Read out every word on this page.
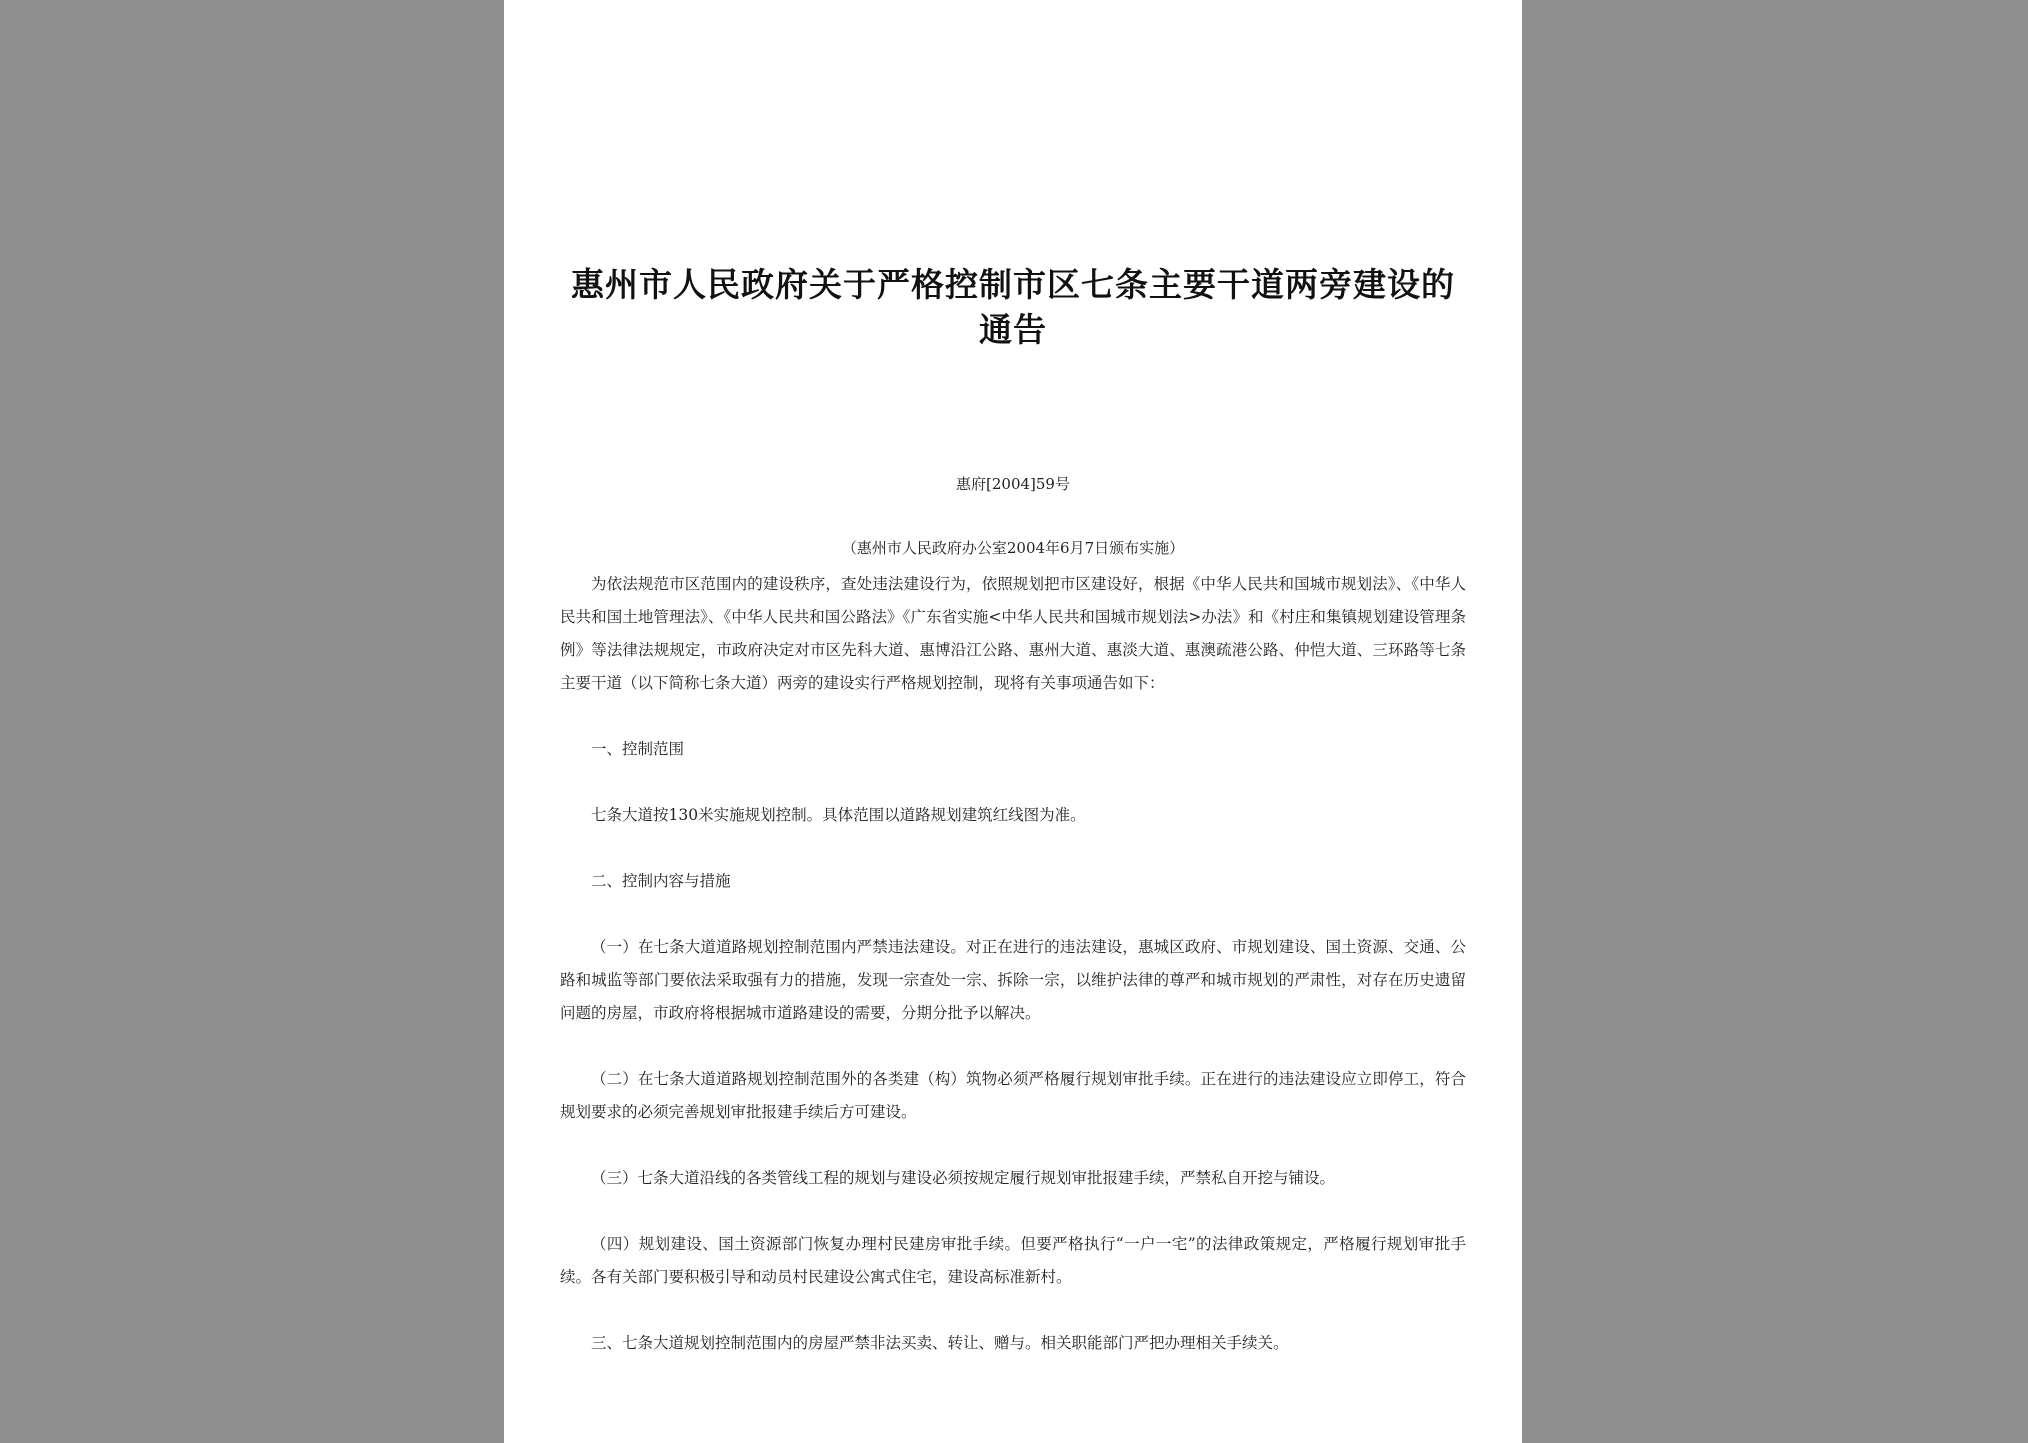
惠州市人民政府关于严格控制市区七条主要干道两旁建设的通告
惠府[2004]59号
（惠州市人民政府办公室2004年6月7日颁布实施）

为依法规范市区范围内的建设秩序，查处违法建设行为，依照规划把市区建设好，根据《中华人民共和国城市规划法》、《中华人民共和国土地管理法》、《中华人民共和国公路法》《广东省实施<中华人民共和国城市规划法>办法》和《村庄和集镇规划建设管理条例》等法律法规规定，市政府决定对市区先科大道、惠博沿江公路、惠州大道、惠淡大道、惠澳疏港公路、仲恺大道、三环路等七条主要干道（以下简称七条大道）两旁的建设实行严格规划控制，现将有关事项通告如下：

一、控制范围

七条大道按130米实施规划控制。具体范围以道路规划建筑红线图为准。

二、控制内容与措施

（一）在七条大道道路规划控制范围内严禁违法建设。对正在进行的违法建设，惠城区政府、市规划建设、国土资源、交通、公路和城监等部门要依法采取强有力的措施，发现一宗查处一宗、拆除一宗，以维护法律的尊严和城市规划的严肃性，对存在历史遗留问题的房屋，市政府将根据城市道路建设的需要，分期分批予以解决。

（二）在七条大道道路规划控制范围外的各类建（构）筑物必须严格履行规划审批手续。正在进行的违法建设应立即停工，符合规划要求的必须完善规划审批报建手续后方可建设。

（三）七条大道沿线的各类管线工程的规划与建设必须按规定履行规划审批报建手续，严禁私自开挖与铺设。

（四）规划建设、国土资源部门恢复办理村民建房审批手续。但要严格执行“一户一宅”的法律政策规定，严格履行规划审批手续。各有关部门要积极引导和动员村民建设公寓式住宅，建设高标准新村。

三、七条大道规划控制范围内的房屋严禁非法买卖、转让、赠与。相关职能部门严把办理相关手续关。
